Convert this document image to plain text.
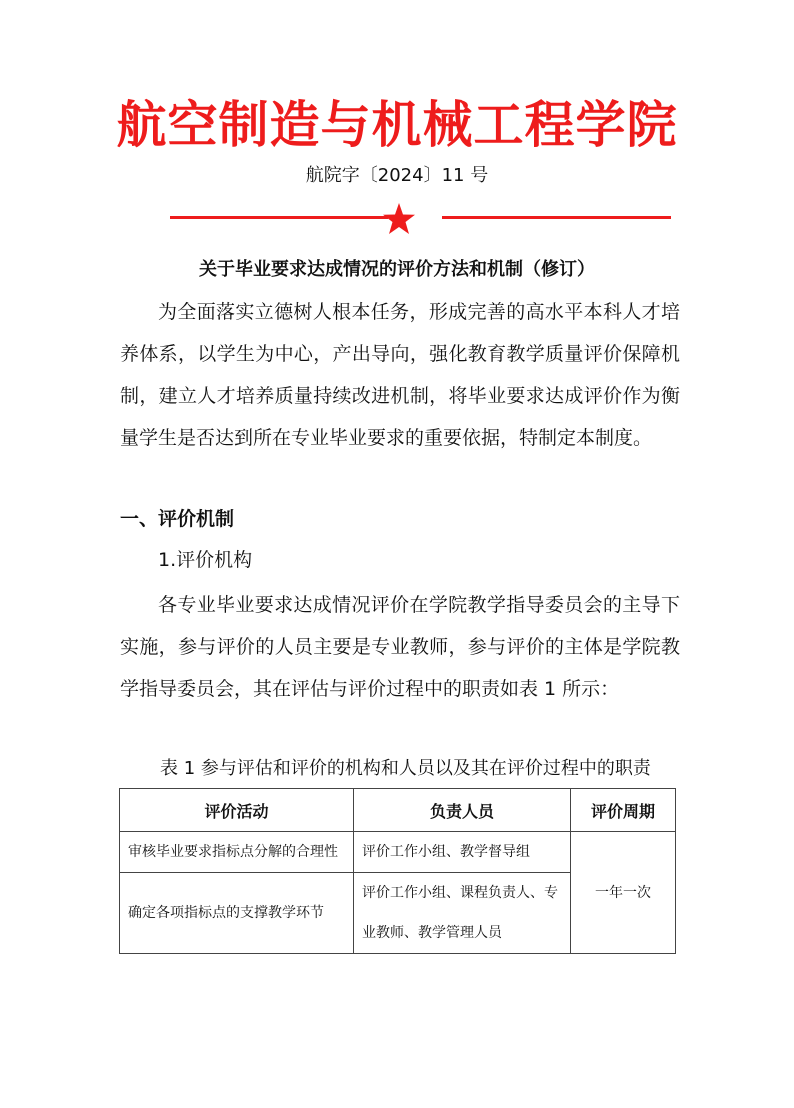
航空制造与机械工程学院
航院字〔2024〕11 号
关于毕业要求达成情况的评价方法和机制（修订）
为全面落实立德树人根本任务，形成完善的高水平本科人才培养体系，以学生为中心，产出导向，强化教育教学质量评价保障机制，建立人才培养质量持续改进机制，将毕业要求达成评价作为衡量学生是否达到所在专业毕业要求的重要依据，特制定本制度。
一、评价机制
1.评价机构
各专业毕业要求达成情况评价在学院教学指导委员会的主导下实施，参与评价的人员主要是专业教师，参与评价的主体是学院教学指导委员会，其在评估与评价过程中的职责如表 1 所示：
表 1 参与评估和评价的机构和人员以及其在评价过程中的职责
评价活动	负责人员	评价周期
审核毕业要求指标点分解的合理性	评价工作小组、教学督导组	一年一次
确定各项指标点的支撑教学环节	评价工作小组、课程负责人、专业教师、教学管理人员	
